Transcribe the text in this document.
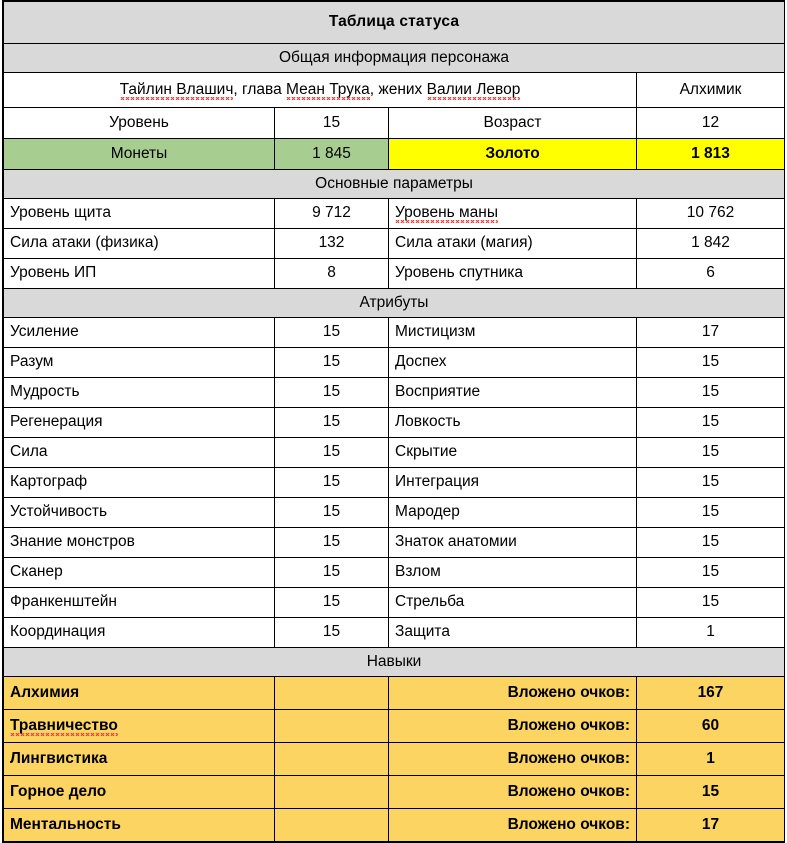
Таблица статуса			
Общая информация персонажа			
Тайлин Влашич, глава Меан Трука, жених Валии Левор			Алхимик
Уровень	15	Возраст	12
Монеты	1 845	Золото	1 813
Основные параметры			
Уровень щита	9 712	Уровень маны	10 762
Сила атаки (физика)	132	Сила атаки (магия)	1 842
Уровень ИП	8	Уровень спутника	6
Атрибуты			
Усиление	15	Мистицизм	17
Разум	15	Доспех	15
Мудрость	15	Восприятие	15
Регенерация	15	Ловкость	15
Сила	15	Скрытие	15
Картограф	15	Интеграция	15
Устойчивость	15	Мародер	15
Знание монстров	15	Знаток анатомии	15
Сканер	15	Взлом	15
Франкенштейн	15	Стрельба	15
Координация	15	Защита	1
Навыки			
Алхимия		Вложено очков:	167
Травничество		Вложено очков:	60
Лингвистика		Вложено очков:	1
Горное дело		Вложено очков:	15
Ментальность		Вложено очков:	17
